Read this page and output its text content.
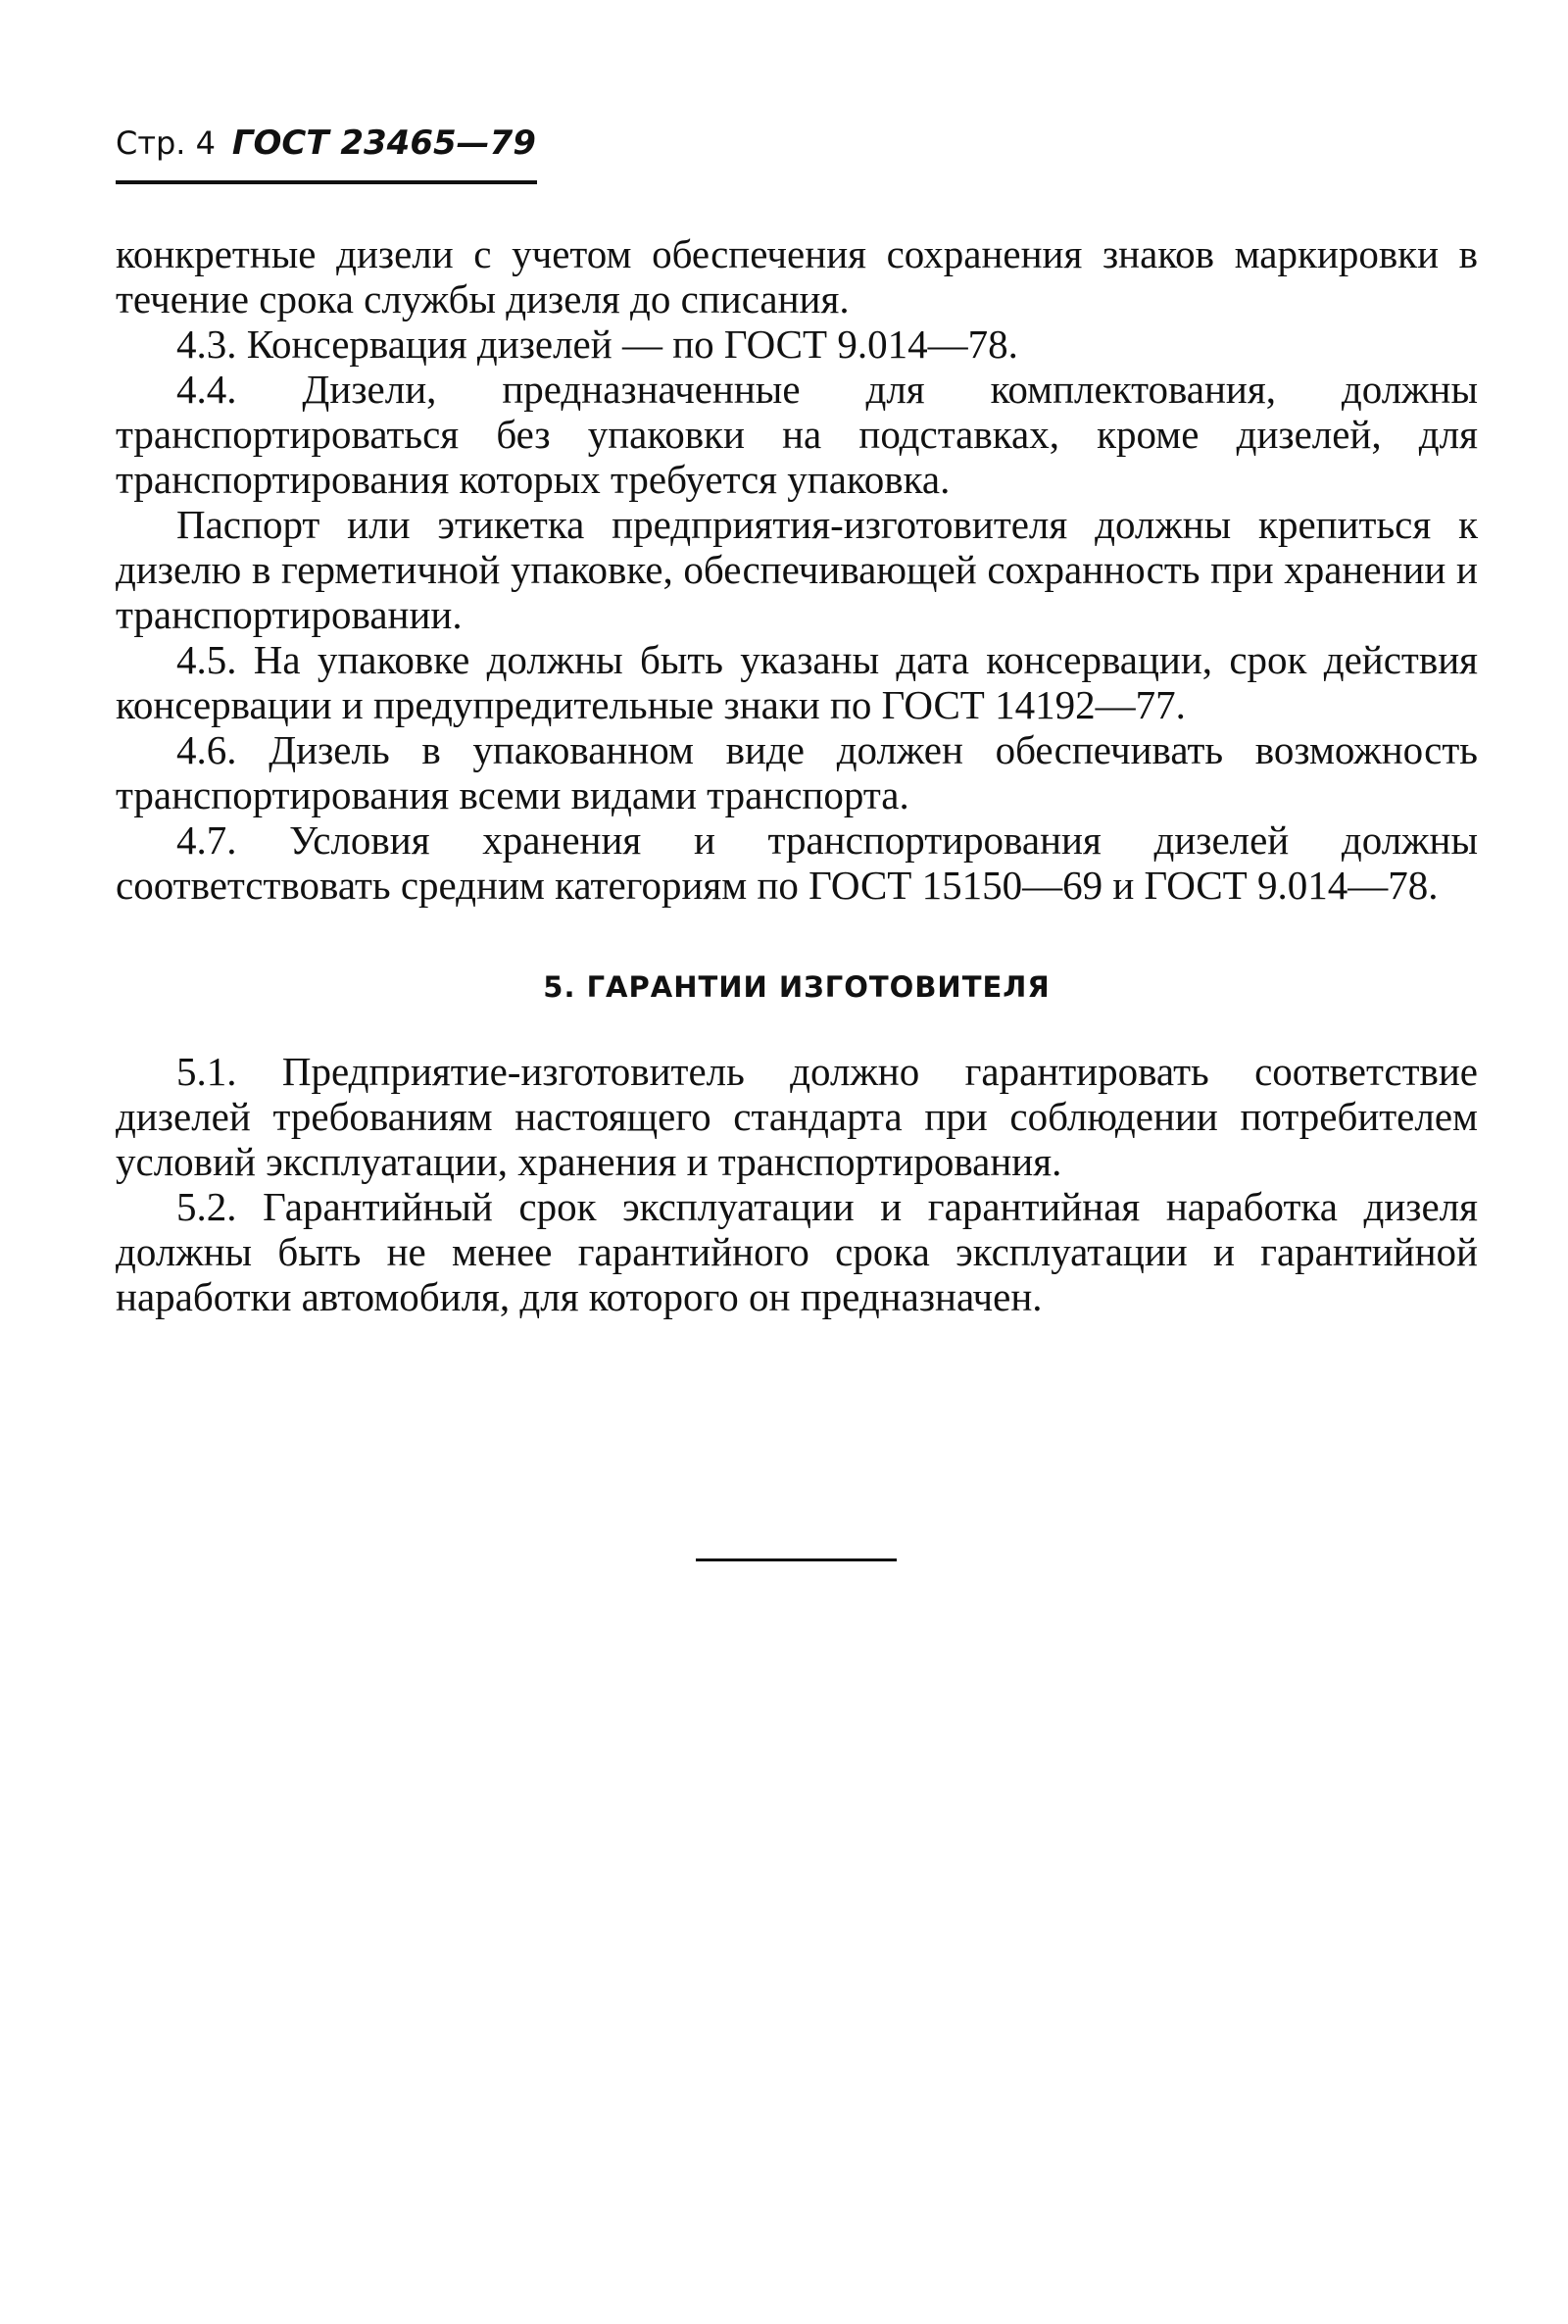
Стр. 4 ГОСТ 23465—79

конкретные дизели с учетом обеспечения сохранения знаков маркировки в течение срока службы дизеля до списания.

4.3. Консервация дизелей — по ГОСТ 9.014—78.

4.4. Дизели, предназначенные для комплектования, должны транспортироваться без упаковки на подставках, кроме дизелей, для транспортирования которых требуется упаковка.

Паспорт или этикетка предприятия-изготовителя должны крепиться к дизелю в герметичной упаковке, обеспечивающей сохранность при хранении и транспортировании.

4.5. На упаковке должны быть указаны дата консервации, срок действия консервации и предупредительные знаки по ГОСТ 14192—77.

4.6. Дизель в упакованном виде должен обеспечивать возможность транспортирования всеми видами транспорта.

4.7. Условия хранения и транспортирования дизелей должны соответствовать средним категориям по ГОСТ 15150—69 и ГОСТ 9.014—78.

5. ГАРАНТИИ ИЗГОТОВИТЕЛЯ

5.1. Предприятие-изготовитель должно гарантировать соответствие дизелей требованиям настоящего стандарта при соблюдении потребителем условий эксплуатации, хранения и транспортирования.

5.2. Гарантийный срок эксплуатации и гарантийная наработка дизеля должны быть не менее гарантийного срока эксплуатации и гарантийной наработки автомобиля, для которого он предназначен.
